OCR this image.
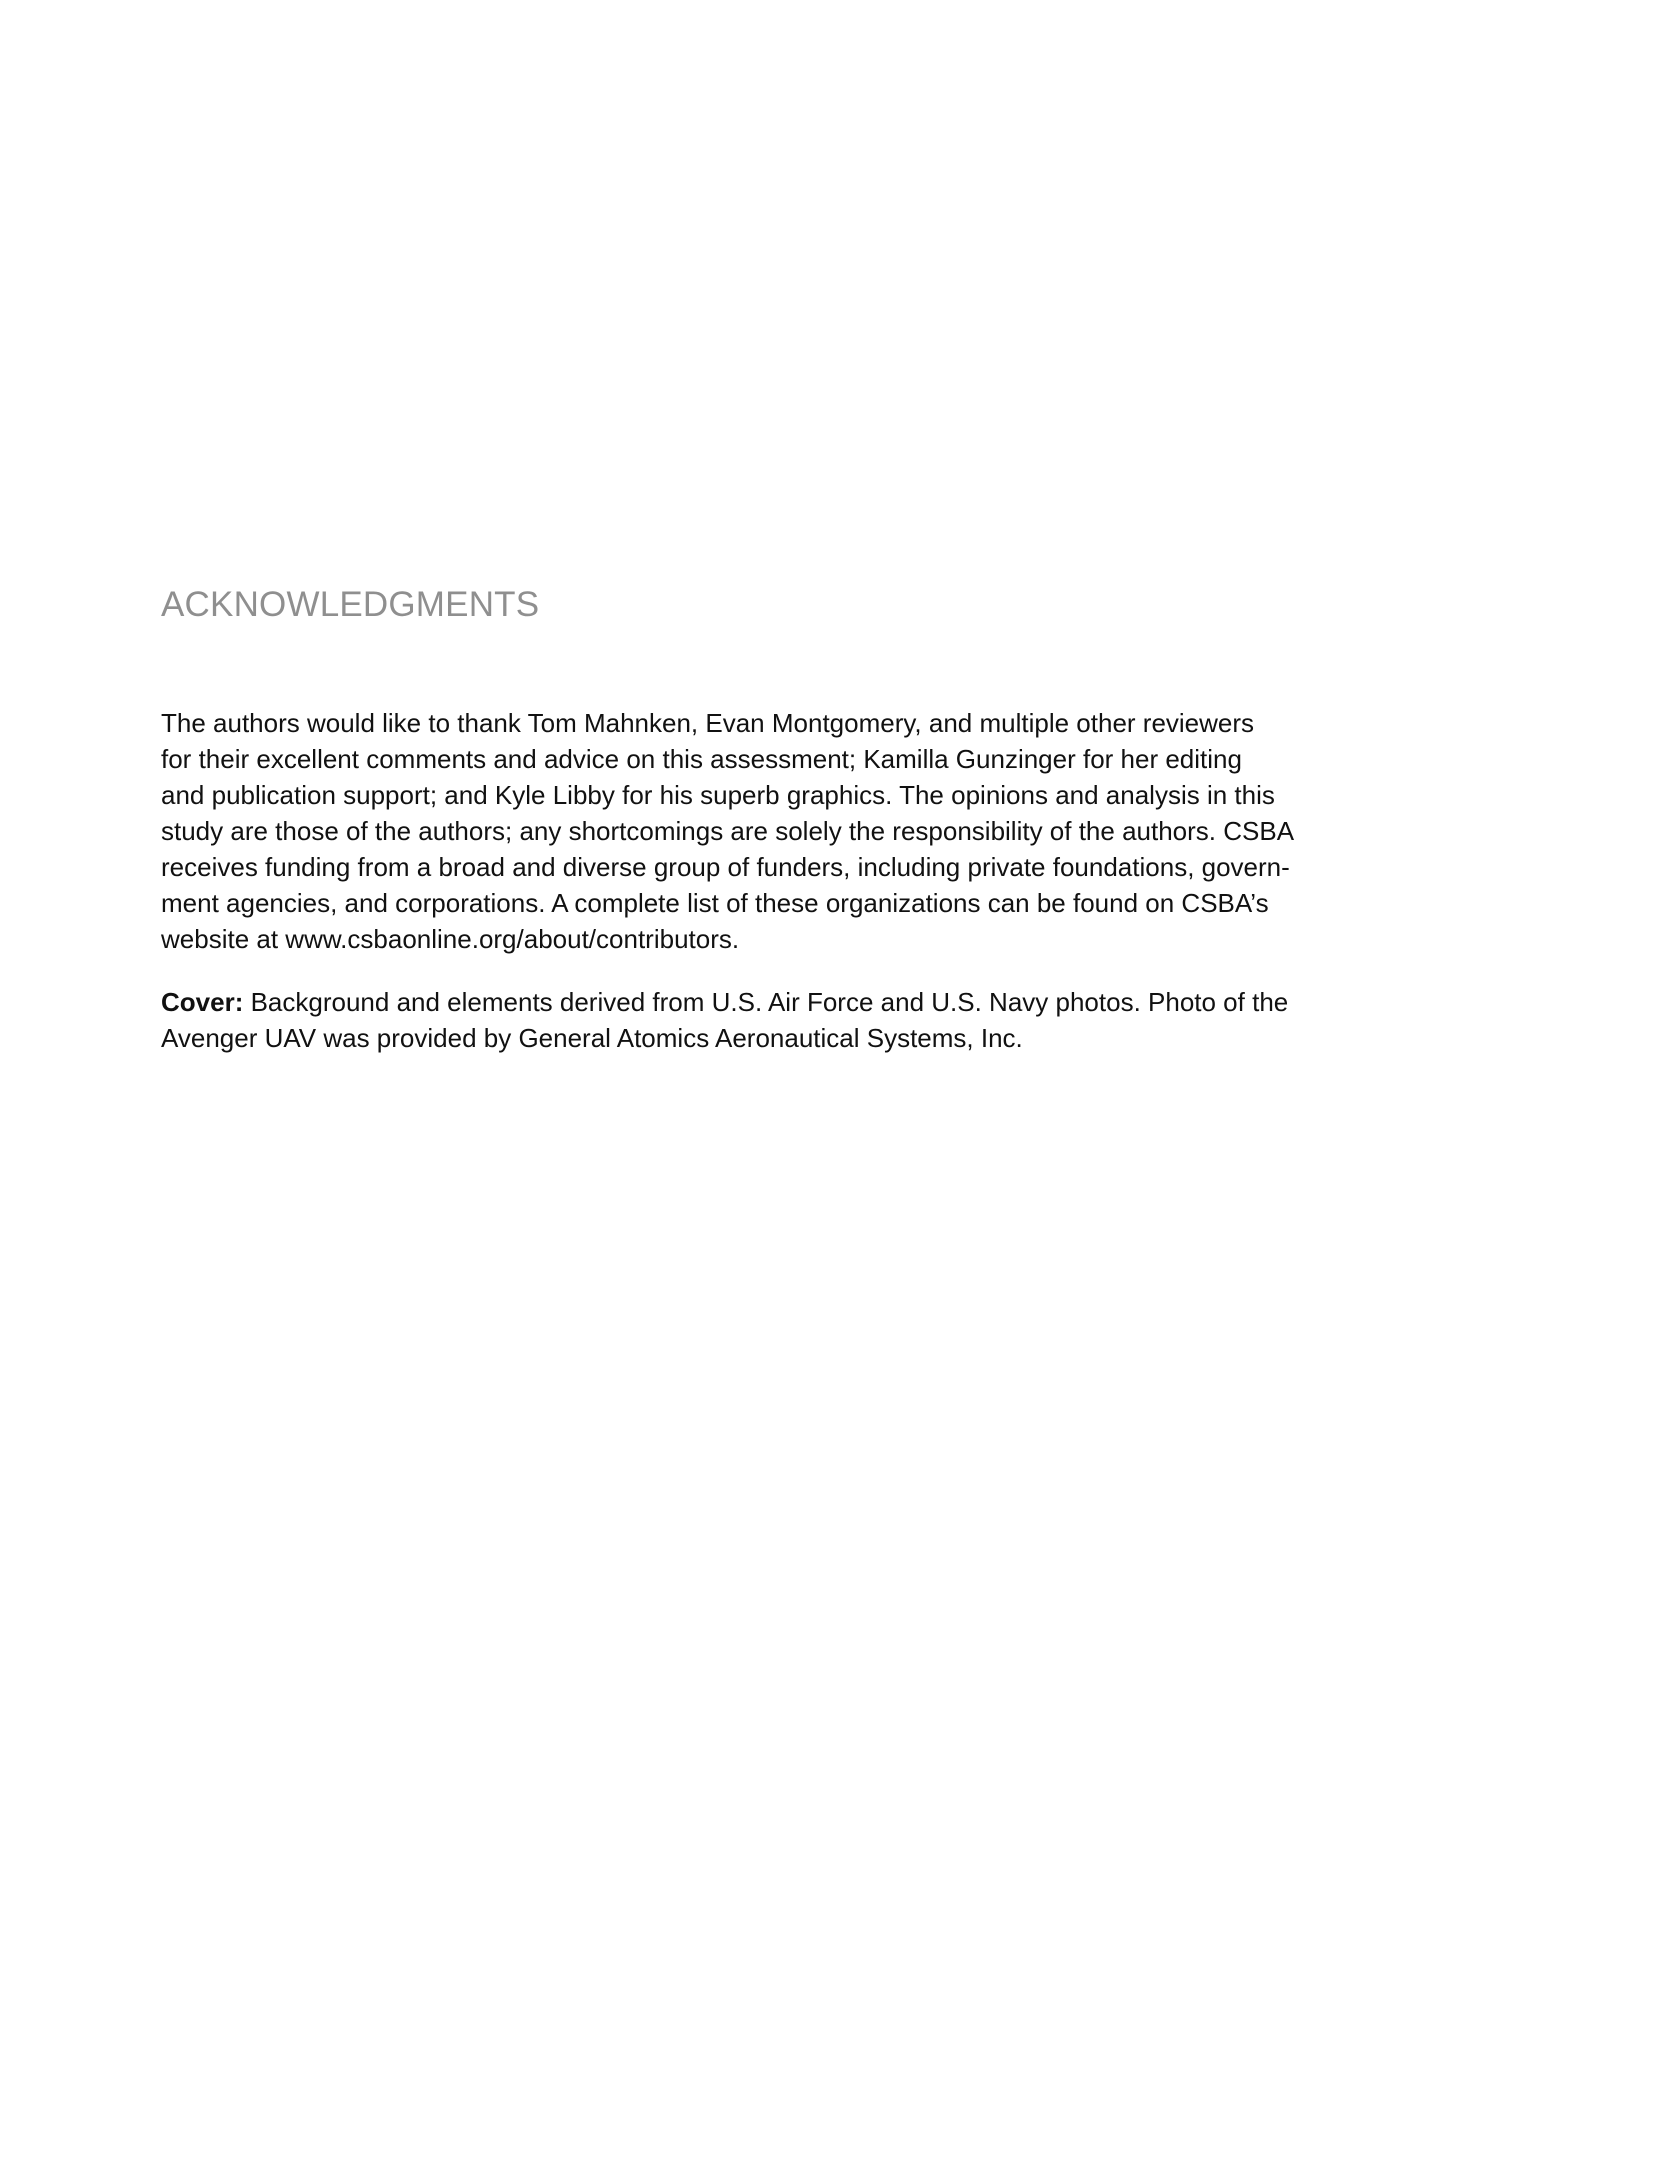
ACKNOWLEDGMENTS
The authors would like to thank Tom Mahnken, Evan Montgomery, and multiple other reviewers
for their excellent comments and advice on this assessment; Kamilla Gunzinger for her editing
and publication support; and Kyle Libby for his superb graphics. The opinions and analysis in this
study are those of the authors; any shortcomings are solely the responsibility of the authors. CSBA
receives funding from a broad and diverse group of funders, including private foundations, govern-
ment agencies, and corporations. A complete list of these organizations can be found on CSBA’s
website at www.csbaonline.org/about/contributors.
Cover: Background and elements derived from U.S. Air Force and U.S. Navy photos. Photo of the
Avenger UAV was provided by General Atomics Aeronautical Systems, Inc.
